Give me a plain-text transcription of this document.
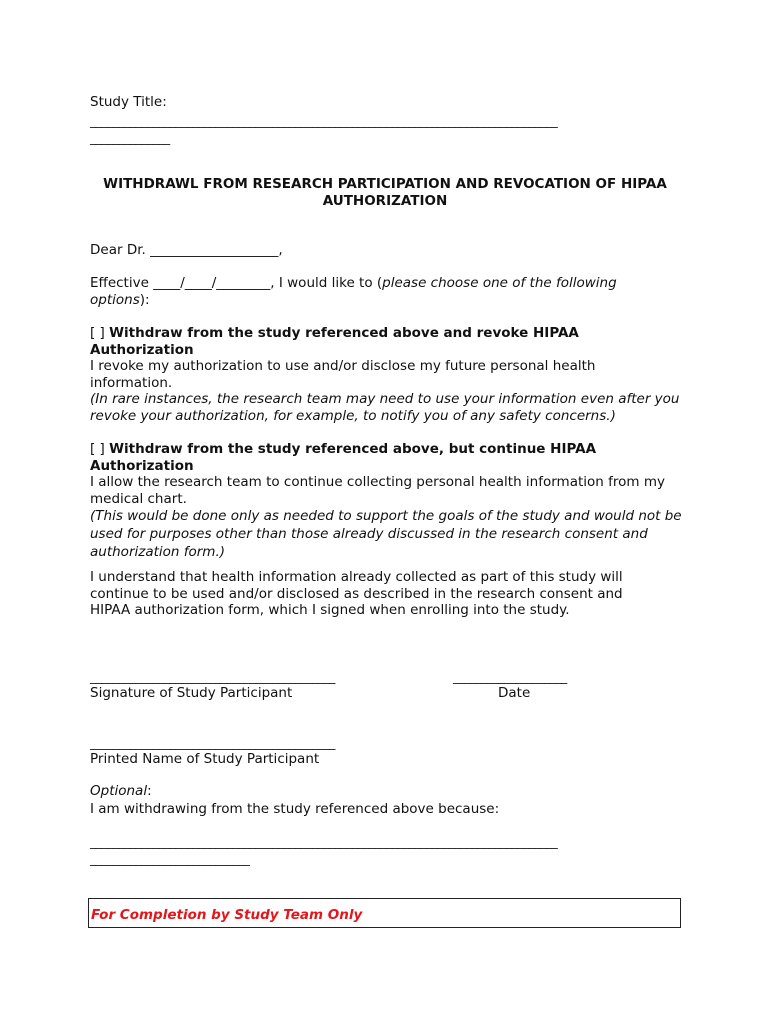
Study Title:
__________________________________________________________________________________
______________
WITHDRAWL FROM RESEARCH PARTICIPATION AND REVOCATION OF HIPAA AUTHORIZATION
Dear Dr. ___________________,
Effective ____/____/________, I would like to (please choose one of the following options):
[ ] Withdraw from the study referenced above and revoke HIPAA Authorization
I revoke my authorization to use and/or disclose my future personal health information.
(In rare instances, the research team may need to use your information even after you revoke your authorization, for example, to notify you of any safety concerns.)
[ ] Withdraw from the study referenced above, but continue HIPAA Authorization
I allow the research team to continue collecting personal health information from my medical chart.
(This would be done only as needed to support the goals of the study and would not be used for purposes other than those already discussed in the research consent and authorization form.)
I understand that health information already collected as part of this study will continue to be used and/or disclosed as described in the research consent and HIPAA authorization form, which I signed when enrolling into the study.
___________________________________________	____________________
Signature of Study Participant	Date
___________________________________________
Printed Name of Study Participant
Optional:
I am withdrawing from the study referenced above because:
__________________________________________________________________________________
____________________________
For Completion by Study Team Only
